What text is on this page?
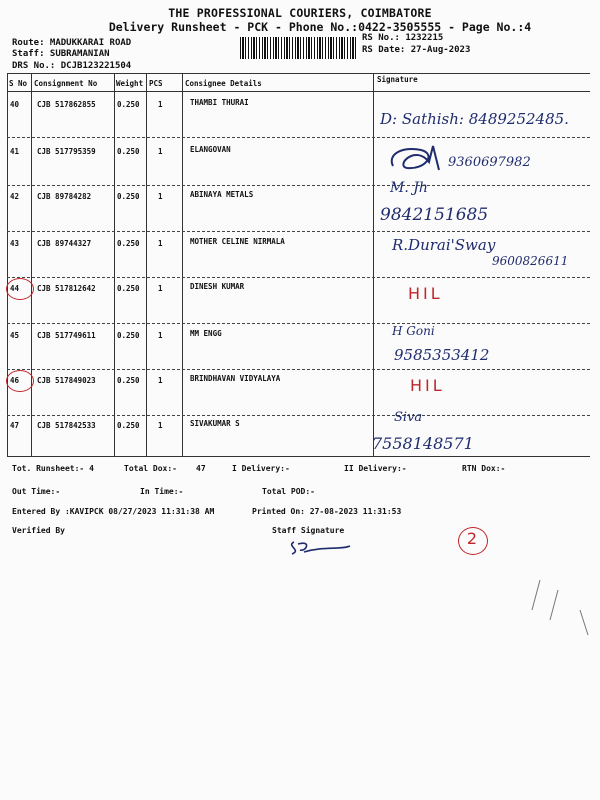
THE PROFESSIONAL COURIERS, COIMBATORE
Delivery Runsheet - PCK - Phone No.:0422-3505555 - Page No.:4
Route: MADUKKARAI ROAD
Staff: SUBRAMANIAN
DRS No.: DCJB123221504
RS No.: 1232215
RS Date: 27-Aug-2023
S No Consignment No	Weight PCS	Consignee Details	Signature
40 CJB 517862855	0.250 1	THAMBI THURAI
D: Sathish: 8489252485.
41 CJB 517795359	0.250 1	ELANGOVAN
9360697982
42 CJB 89784282	0.250 1	ABINAYA METALS	M. Jh
9842151685
43 CJB 89744327	0.250 1	MOTHER CELINE NIRMALA	R.Durai'Sway
9600826611
44 CJB 517812642	0.250 1	DINESH KUMAR	HIL
45 CJB 517749611	0.250 1	MM ENGG	H Goni
9585353412
46 CJB 517849023	0.250 1	BRINDHAVAN VIDYALAYA	HIL
47 CJB 517842533	0.250 1	SIVAKUMAR S	Siva
7558148571
Tot. Runsheet:- 4	Total Dox:- 47	I Delivery:-	II Delivery:-	RTN Dox:-
Out Time:-	In Time:-	Total POD:-
Entered By :KAVIPCK 08/27/2023 11:31:38 AM	Printed On: 27-08-2023 11:31:53
Verified By	Staff Signature	2
